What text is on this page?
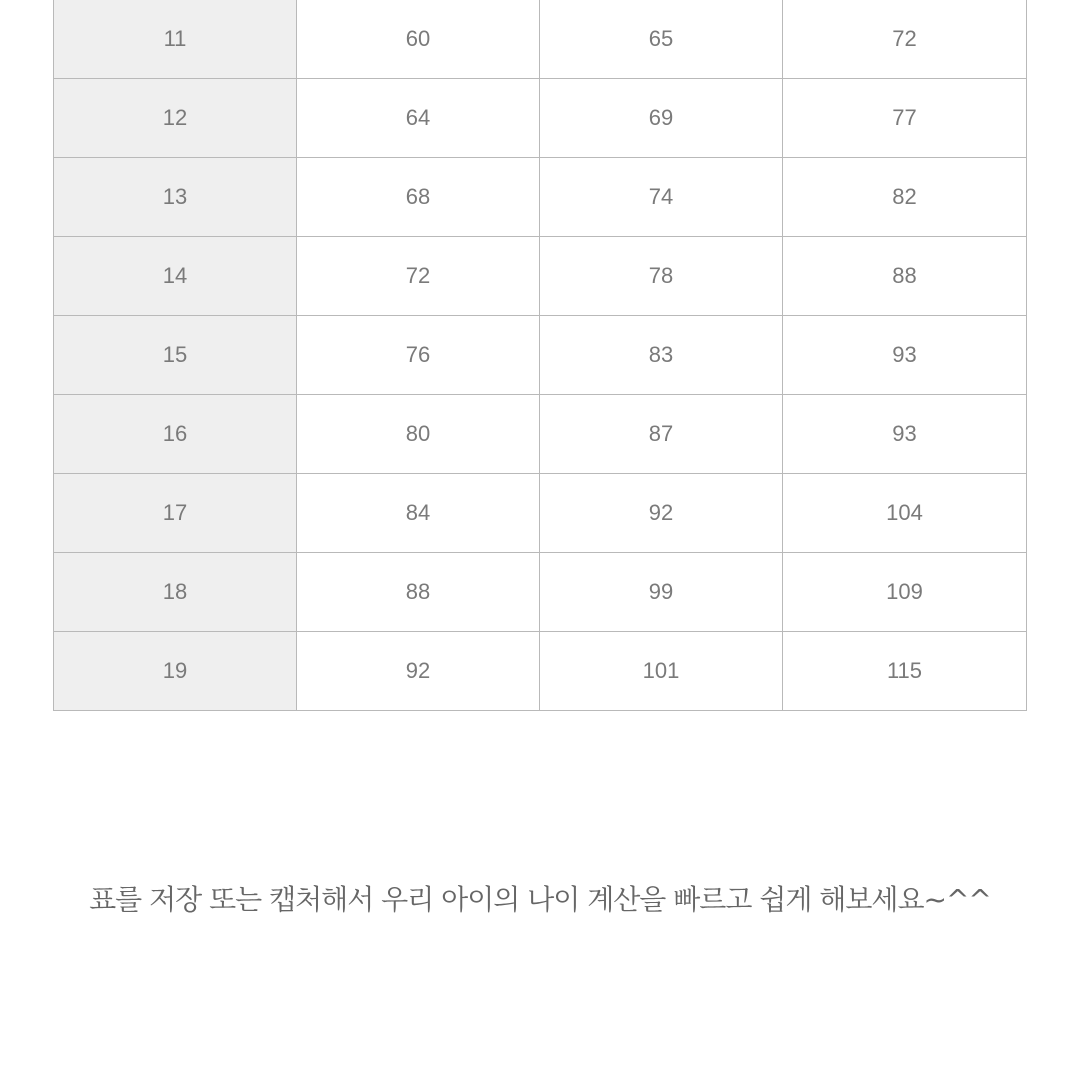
11	60	65	72
12	64	69	77
13	68	74	82
14	72	78	88
15	76	83	93
16	80	87	93
17	84	92	104
18	88	99	109
19	92	101	115
표를 저장 또는 캡처해서 우리 아이의 나이 계산을 빠르고 쉽게 해보세요~^^
